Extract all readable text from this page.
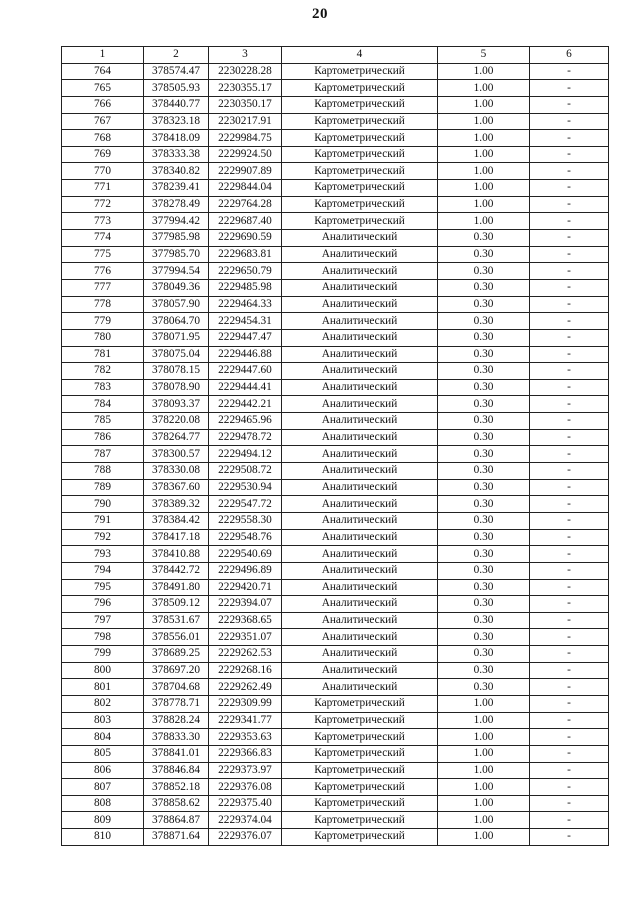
20
1	2	3	4	5	6
764	378574.47	2230228.28	Картометрический	1.00	-
765	378505.93	2230355.17	Картометрический	1.00	-
766	378440.77	2230350.17	Картометрический	1.00	-
767	378323.18	2230217.91	Картометрический	1.00	-
768	378418.09	2229984.75	Картометрический	1.00	-
769	378333.38	2229924.50	Картометрический	1.00	-
770	378340.82	2229907.89	Картометрический	1.00	-
771	378239.41	2229844.04	Картометрический	1.00	-
772	378278.49	2229764.28	Картометрический	1.00	-
773	377994.42	2229687.40	Картометрический	1.00	-
774	377985.98	2229690.59	Аналитический	0.30	-
775	377985.70	2229683.81	Аналитический	0.30	-
776	377994.54	2229650.79	Аналитический	0.30	-
777	378049.36	2229485.98	Аналитический	0.30	-
778	378057.90	2229464.33	Аналитический	0.30	-
779	378064.70	2229454.31	Аналитический	0.30	-
780	378071.95	2229447.47	Аналитический	0.30	-
781	378075.04	2229446.88	Аналитический	0.30	-
782	378078.15	2229447.60	Аналитический	0.30	-
783	378078.90	2229444.41	Аналитический	0.30	-
784	378093.37	2229442.21	Аналитический	0.30	-
785	378220.08	2229465.96	Аналитический	0.30	-
786	378264.77	2229478.72	Аналитический	0.30	-
787	378300.57	2229494.12	Аналитический	0.30	-
788	378330.08	2229508.72	Аналитический	0.30	-
789	378367.60	2229530.94	Аналитический	0.30	-
790	378389.32	2229547.72	Аналитический	0.30	-
791	378384.42	2229558.30	Аналитический	0.30	-
792	378417.18	2229548.76	Аналитический	0.30	-
793	378410.88	2229540.69	Аналитический	0.30	-
794	378442.72	2229496.89	Аналитический	0.30	-
795	378491.80	2229420.71	Аналитический	0.30	-
796	378509.12	2229394.07	Аналитический	0.30	-
797	378531.67	2229368.65	Аналитический	0.30	-
798	378556.01	2229351.07	Аналитический	0.30	-
799	378689.25	2229262.53	Аналитический	0.30	-
800	378697.20	2229268.16	Аналитический	0.30	-
801	378704.68	2229262.49	Аналитический	0.30	-
802	378778.71	2229309.99	Картометрический	1.00	-
803	378828.24	2229341.77	Картометрический	1.00	-
804	378833.30	2229353.63	Картометрический	1.00	-
805	378841.01	2229366.83	Картометрический	1.00	-
806	378846.84	2229373.97	Картометрический	1.00	-
807	378852.18	2229376.08	Картометрический	1.00	-
808	378858.62	2229375.40	Картометрический	1.00	-
809	378864.87	2229374.04	Картометрический	1.00	-
810	378871.64	2229376.07	Картометрический	1.00	-
